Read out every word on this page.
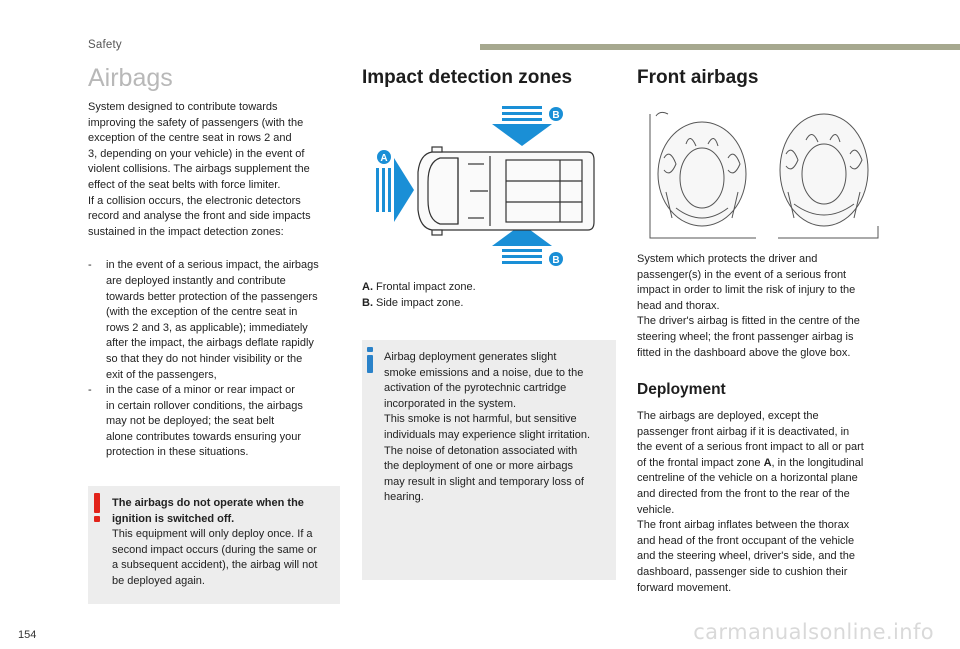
Safety
Airbags

System designed to contribute towards
improving the safety of passengers (with the
exception of the centre seat in rows 2 and
3, depending on your vehicle) in the event of
violent collisions. The airbags supplement the
effect of the seat belts with force limiter.
If a collision occurs, the electronic detectors
record and analyse the front and side impacts
sustained in the impact detection zones:

- in the event of a serious impact, the airbags
are deployed instantly and contribute
towards better protection of the passengers
(with the exception of the centre seat in
rows 2 and 3, as applicable); immediately
after the impact, the airbags deflate rapidly
so that they do not hinder visibility or the
exit of the passengers,

- in the case of a minor or rear impact or
in certain rollover conditions, the airbags
may not be deployed; the seat belt
alone contributes towards ensuring your
protection in these situations.

The airbags do not operate when the
ignition is switched off.

This equipment will only deploy once. If a
second impact occurs (during the same or
a subsequent accident), the airbag will not
be deployed again.

Impact detection zones
B
B
A
A. Frontal impact zone.
B. Side impact zone.

Airbag deployment generates slight
smoke emissions and a noise, due to the
activation of the pyrotechnic cartridge
incorporated in the system.
This smoke is not harmful, but sensitive
individuals may experience slight irritation.
The noise of detonation associated with
the deployment of one or more airbags
may result in slight and temporary loss of
hearing.

Front airbags

System which protects the driver and
passenger(s) in the event of a serious front
impact in order to limit the risk of injury to the
head and thorax.
The driver's airbag is fitted in the centre of the
steering wheel; the front passenger airbag is
fitted in the dashboard above the glove box.

Deployment

The airbags are deployed, except the
passenger front airbag if it is deactivated, in
the event of a serious front impact to all or part
of the frontal impact zone A, in the longitudinal
centreline of the vehicle on a horizontal plane
and directed from the front to the rear of the
vehicle.
The front airbag inflates between the thorax
and head of the front occupant of the vehicle
and the steering wheel, driver's side, and the
dashboard, passenger side to cushion their
forward movement.

154	carmanualsonline.info
